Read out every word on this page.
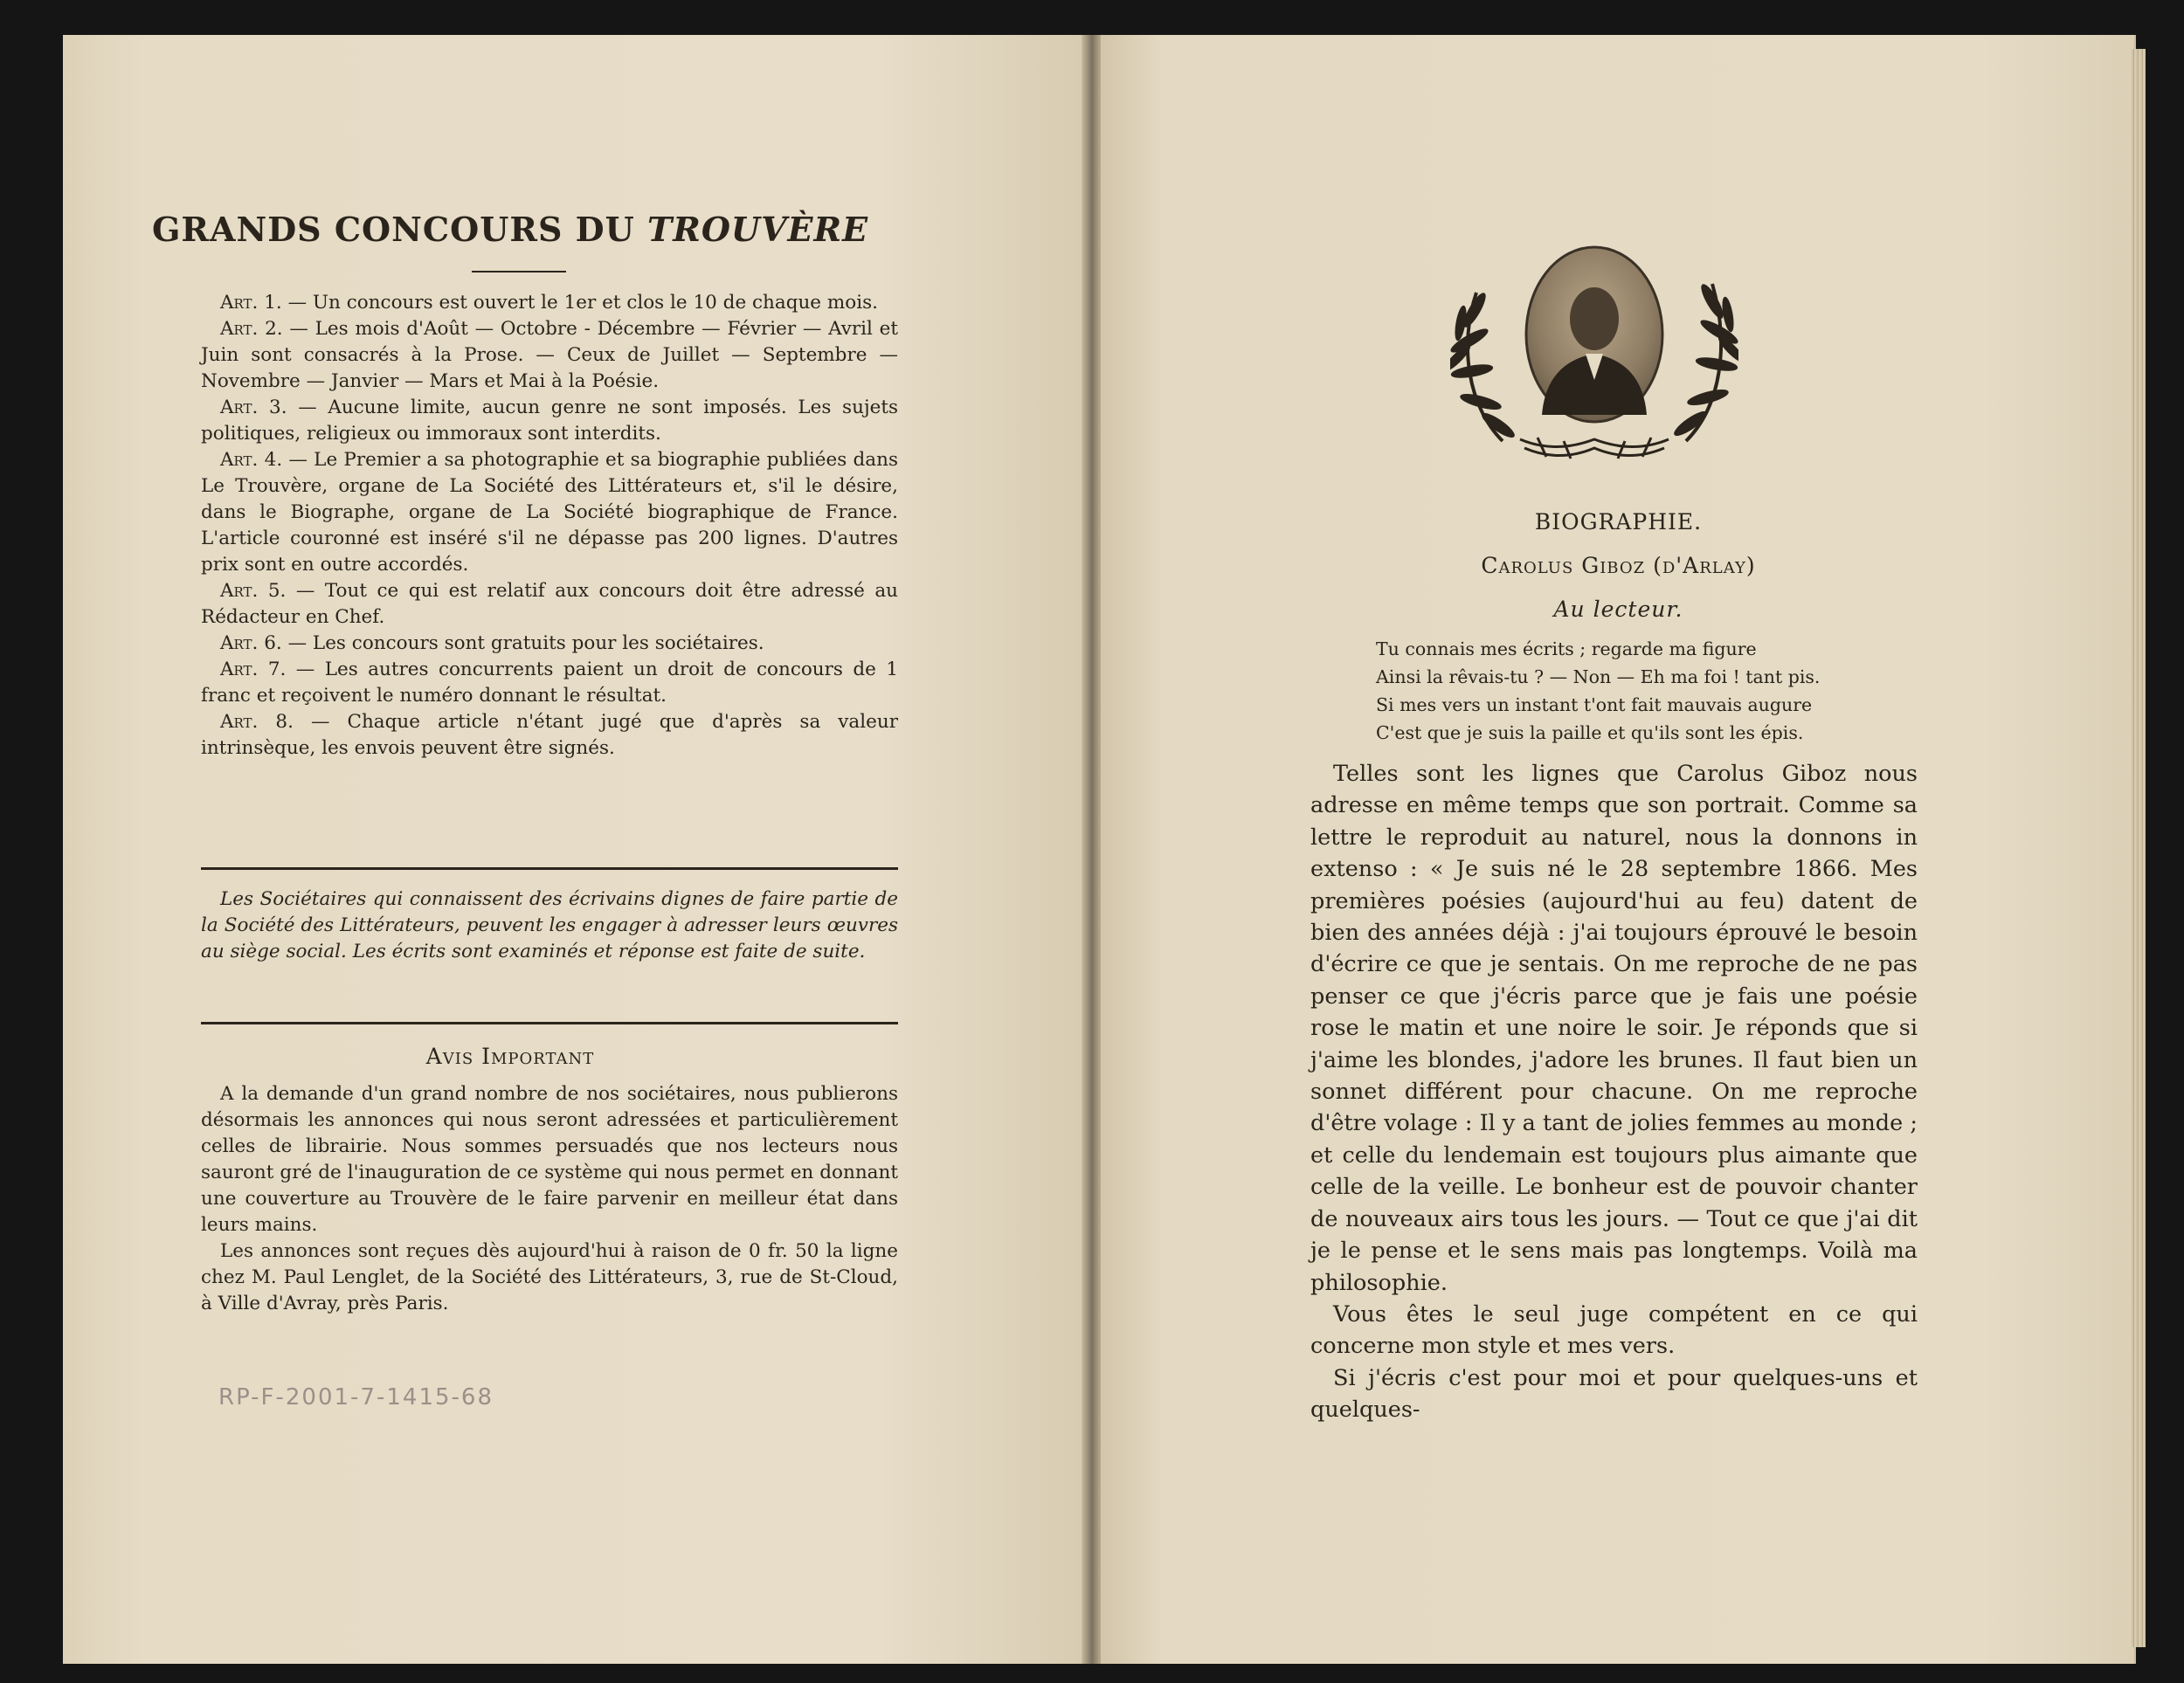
GRANDS CONCOURS DU TROUVÈRE

Art. 1. — Un concours est ouvert le 1er et clos le 10 de chaque mois.

Art. 2. — Les mois d'Août — Octobre - Décembre — Février — Avril et Juin sont consacrés à la Prose. — Ceux de Juillet — Septembre — Novembre — Janvier — Mars et Mai à la Poésie.

Art. 3. — Aucune limite, aucun genre ne sont imposés. Les sujets politiques, religieux ou immoraux sont interdits.

Art. 4. — Le Premier a sa photographie et sa biographie publiées dans Le Trouvère, organe de La Société des Littérateurs et, s'il le désire, dans le Biographe, organe de La Société biographique de France. L'article couronné est inséré s'il ne dépasse pas 200 lignes. D'autres prix sont en outre accordés.

Art. 5. — Tout ce qui est relatif aux concours doit être adressé au Rédacteur en Chef.

Art. 6. — Les concours sont gratuits pour les sociétaires.

Art. 7. — Les autres concurrents paient un droit de concours de 1 franc et reçoivent le numéro donnant le résultat.

Art. 8. — Chaque article n'étant jugé que d'après sa valeur intrinsèque, les envois peuvent être signés.

Les Sociétaires qui connaissent des écrivains dignes de faire partie de la Société des Littérateurs, peuvent les engager à adresser leurs œuvres au siège social. Les écrits sont examinés et réponse est faite de suite.

Avis Important

A la demande d'un grand nombre de nos sociétaires, nous publierons désormais les annonces qui nous seront adressées et particulièrement celles de librairie. Nous sommes persuadés que nos lecteurs nous sauront gré de l'inauguration de ce système qui nous permet en donnant une couverture au Trouvère de le faire parvenir en meilleur état dans leurs mains.

Les annonces sont reçues dès aujourd'hui à raison de 0 fr. 50 la ligne chez M. Paul Lenglet, de la Société des Littérateurs, 3, rue de St-Cloud, à Ville d'Avray, près Paris.

RP-F-2001-7-1415-68
BIOGRAPHIE.
Carolus Giboz (d'Arlay)
Au lecteur.
Tu connais mes écrits ; regarde ma figure
Ainsi la rêvais-tu ? — Non — Eh ma foi ! tant pis.
Si mes vers un instant t'ont fait mauvais augure
C'est que je suis la paille et qu'ils sont les épis.

Telles sont les lignes que Carolus Giboz nous adresse en même temps que son portrait. Comme sa lettre le reproduit au naturel, nous la donnons in extenso : « Je suis né le 28 septembre 1866. Mes premières poésies (aujourd'hui au feu) datent de bien des années déjà : j'ai toujours éprouvé le besoin d'écrire ce que je sentais. On me reproche de ne pas penser ce que j'écris parce que je fais une poésie rose le matin et une noire le soir. Je réponds que si j'aime les blondes, j'adore les brunes. Il faut bien un sonnet différent pour chacune. On me reproche d'être volage : Il y a tant de jolies femmes au monde ; et celle du lendemain est toujours plus aimante que celle de la veille. Le bonheur est de pouvoir chanter de nouveaux airs tous les jours. — Tout ce que j'ai dit je le pense et le sens mais pas longtemps. Voilà ma philosophie.

Vous êtes le seul juge compétent en ce qui concerne mon style et mes vers.

Si j'écris c'est pour moi et pour quelques-uns et quelques-
